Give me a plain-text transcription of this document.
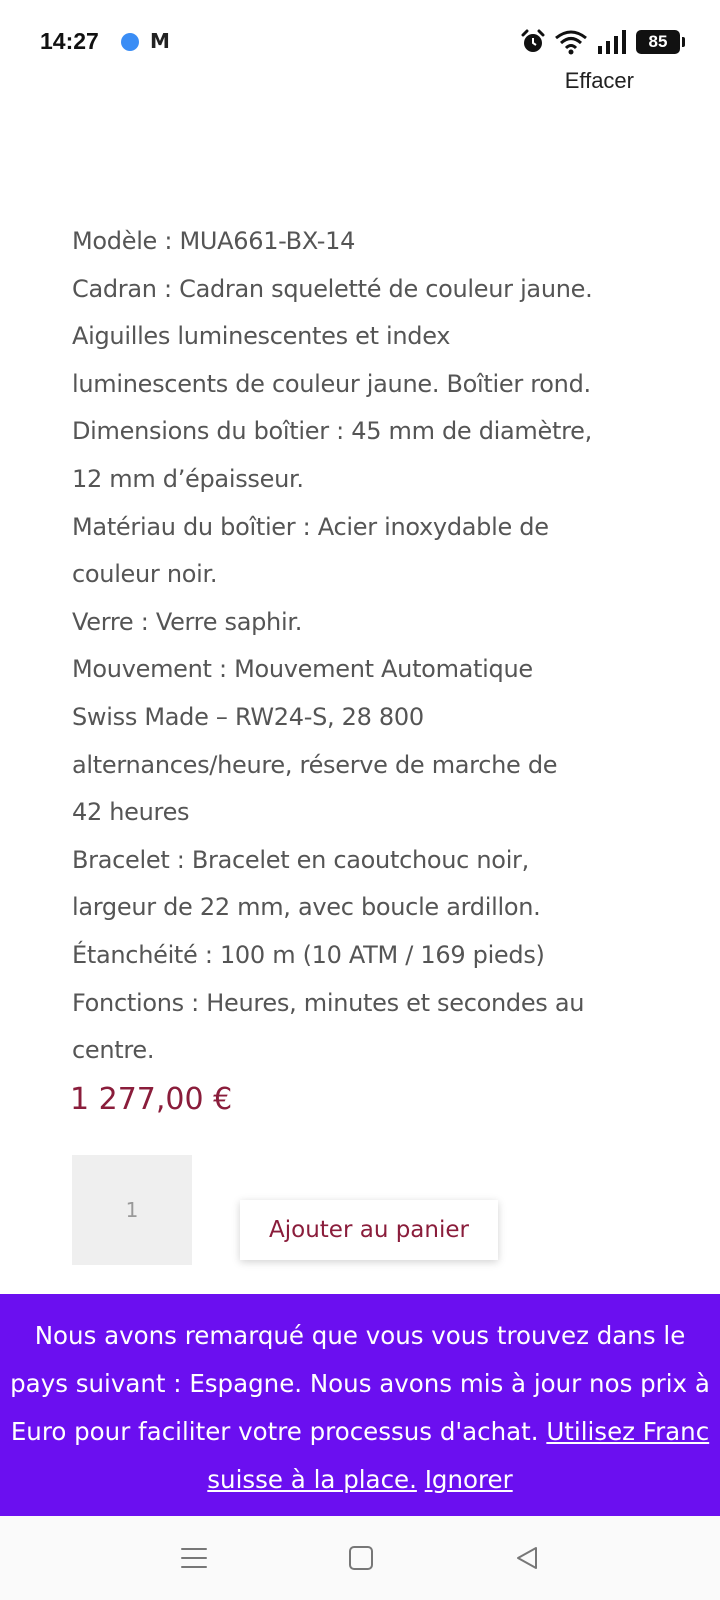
14:27	M	85
Effacer
Modèle : MUA661-BX-14
Cadran : Cadran squeletté de couleur jaune.
Aiguilles luminescentes et index
luminescents de couleur jaune. Boîtier rond.
Dimensions du boîtier : 45 mm de diamètre,
12 mm d’épaisseur.
Matériau du boîtier : Acier inoxydable de
couleur noir.
Verre : Verre saphir.
Mouvement : Mouvement Automatique
Swiss Made – RW24-S, 28 800
alternances/heure, réserve de marche de
42 heures
Bracelet : Bracelet en caoutchouc noir,
largeur de 22 mm, avec boucle ardillon.
Étanchéité : 100 m (10 ATM / 169 pieds)
Fonctions : Heures, minutes et secondes au
centre.
1 277,00 €
1
Ajouter au panier
Nous avons remarqué que vous vous trouvez dans le pays suivant : Espagne. Nous avons mis à jour nos prix à Euro pour faciliter votre processus d'achat. Utilisez Franc suisse à la place. Ignorer
